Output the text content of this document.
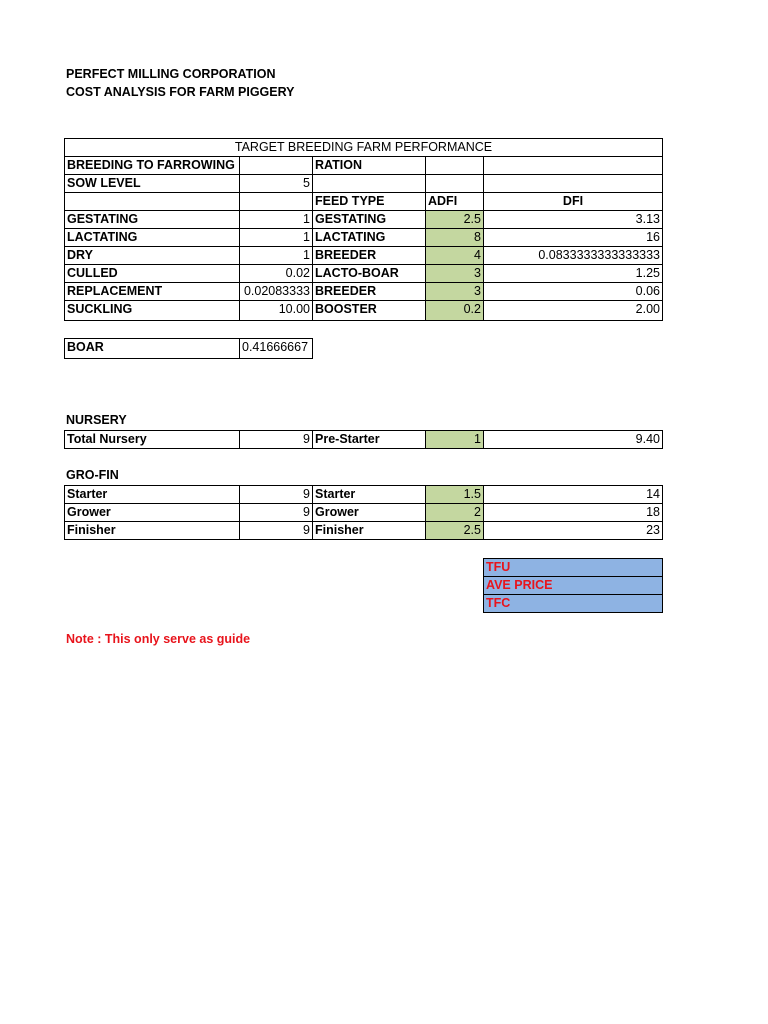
PERFECT MILLING CORPORATION
COST ANALYSIS FOR FARM PIGGERY
TARGET BREEDING FARM PERFORMANCE
BREEDING TO FARROWING	RATION
SOW LEVEL	5
FEED TYPE	ADFI	DFI
GESTATING	1 GESTATING	2.5	3.13
LACTATING	1 LACTATING	8	16
DRY	1 BREEDER	4	0.0833333333333333
CULLED	0.02 LACTO-BOAR	3	1.25
REPLACEMENT	0.02083333 BREEDER	3	0.06
SUCKLING	10.00 BOOSTER	0.2	2.00
BOAR	0.41666667
NURSERY
Total Nursery	9 Pre-Starter	1	9.40
GRO-FIN
Starter	9 Starter	1.5	14
Grower	9 Grower	2	18
Finisher	9 Finisher	2.5	23
TFU
AVE PRICE
TFC
Note : This only serve as guide
